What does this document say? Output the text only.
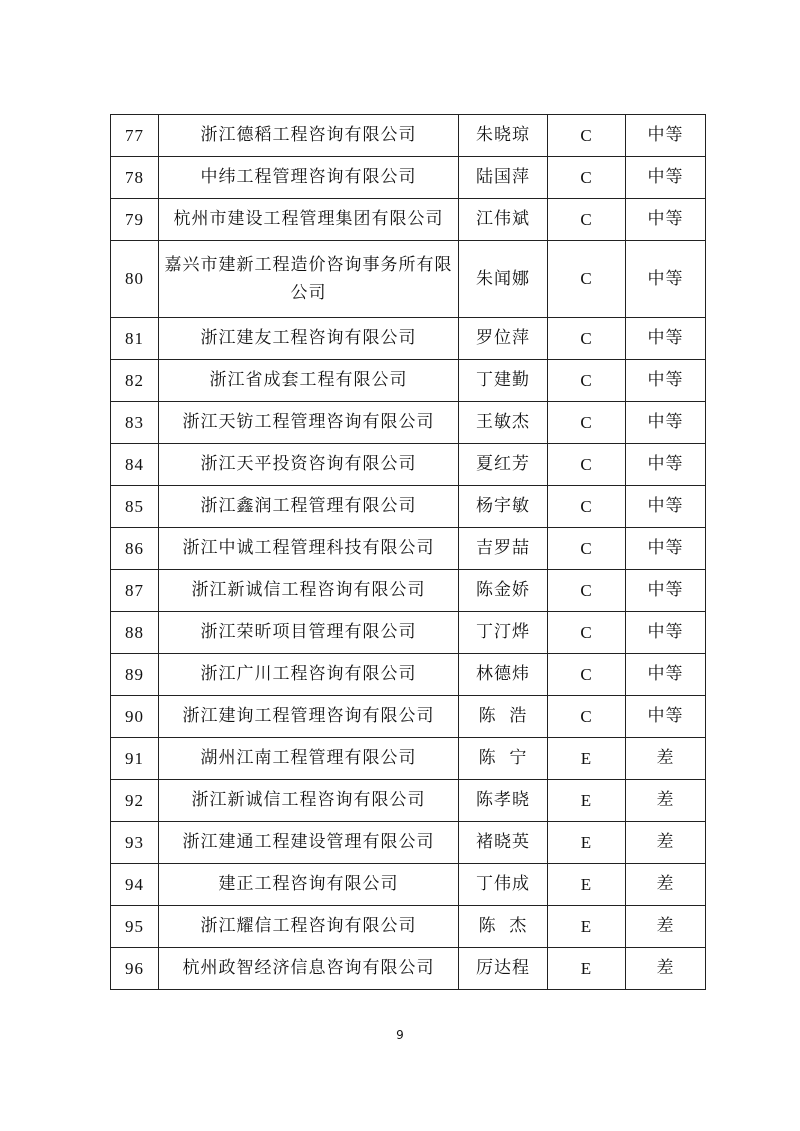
77	浙江德稻工程咨询有限公司	朱晓琼	C	中等
78	中纬工程管理咨询有限公司	陆国萍	C	中等
79	杭州市建设工程管理集团有限公司	江伟斌	C	中等
80	嘉兴市建新工程造价咨询事务所有限公司	朱闻娜	C	中等
81	浙江建友工程咨询有限公司	罗位萍	C	中等
82	浙江省成套工程有限公司	丁建勤	C	中等
83	浙江天钫工程管理咨询有限公司	王敏杰	C	中等
84	浙江天平投资咨询有限公司	夏红芳	C	中等
85	浙江鑫润工程管理有限公司	杨宇敏	C	中等
86	浙江中诚工程管理科技有限公司	吉罗喆	C	中等
87	浙江新诚信工程咨询有限公司	陈金娇	C	中等
88	浙江荣昕项目管理有限公司	丁汀烨	C	中等
89	浙江广川工程咨询有限公司	林德炜	C	中等
90	浙江建询工程管理咨询有限公司	陈  浩	C	中等
91	湖州江南工程管理有限公司	陈  宁	E	差
92	浙江新诚信工程咨询有限公司	陈孝晓	E	差
93	浙江建通工程建设管理有限公司	褚晓英	E	差
94	建正工程咨询有限公司	丁伟成	E	差
95	浙江耀信工程咨询有限公司	陈  杰	E	差
96	杭州政智经济信息咨询有限公司	厉达程	E	差
9
